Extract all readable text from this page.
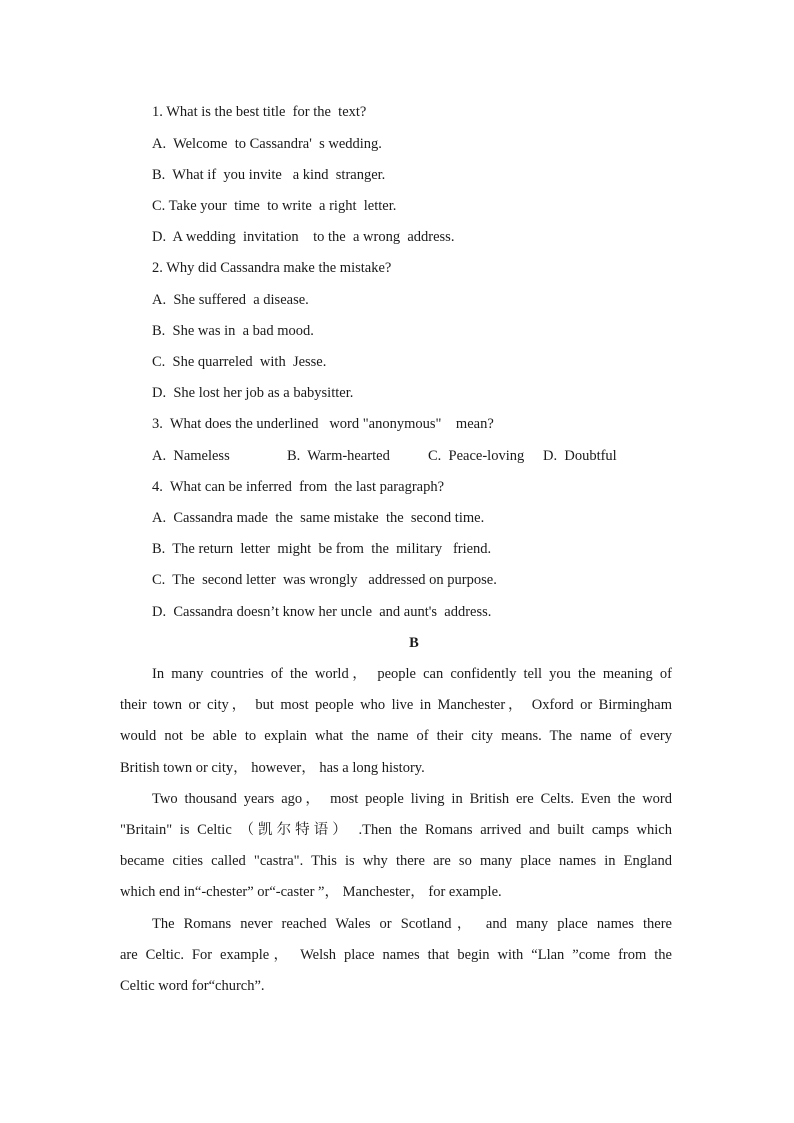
1. What is the best title  for the  text?
A.  Welcome  to Cassandra'  s wedding.
B.  What if  you invite   a kind  stranger.
C. Take your  time  to write  a right  letter.
D.  A wedding  invitation    to the  a wrong  address.
2. Why did Cassandra make the mistake?
A.  She suffered  a disease.
B.  She was in  a bad mood.
C.  She quarreled  with  Jesse.
D.  She lost her job as a babysitter.
3.  What does the underlined   word "anonymous"    mean?

A.  Nameless

	B.  Warm-hearted

	C.  Peace-loving

D.  Doubtful

4.  What can be inferred  from  the last paragraph?
A.  Cassandra made  the  same mistake  the  second time.
B.  The return  letter  might  be from  the  military   friend.
C.  The  second letter  was wrongly   addressed on purpose.
D.  Cassandra doesn’t know her uncle  and aunt's  address.
B
In many countries of the world， people can confidently tell you the meaning of
their town or city， but most people who live in Manchester， Oxford or Birmingham
would not be able to explain what the name of their city means. The name of every
British town or city， however， has a long history.
Two thousand years ago， most people living in British ere Celts. Even the word
"Britain" is Celtic （凯尔特语） .Then the Romans arrived and built camps which
became cities called "castra". This is why there are so many place names in England
which end in“-chester” or“-caster ”， Manchester， for example.
The Romans never reached Wales or Scotland， and many place names there
are Celtic. For example， Welsh place names that begin with “Llan ”come from the
Celtic word for“church”.
